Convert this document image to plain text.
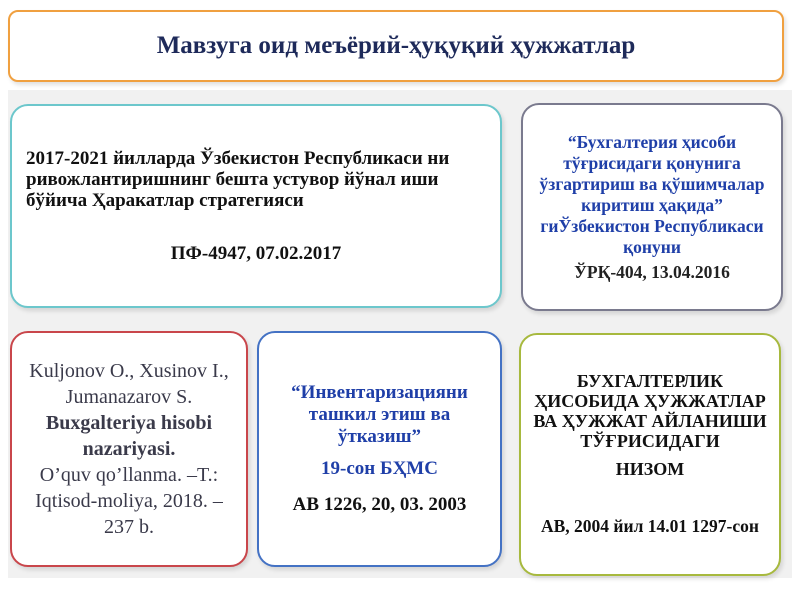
Мавзуга оид меъёрий-ҳуқуқий ҳужжатлар
2017-2021 йилларда Ўзбекистон Республикаси ни ривожлантиришнинг бешта устувор йўнал иши бўйича Ҳаракатлар стратегияси
ПФ-4947, 07.02.2017
“Бухгалтерия ҳисоби тўғрисидаги қонунига ўзгартириш ва қўшимчалар киритиш ҳақида” гиЎзбекистон Республикаси қонуни
ЎРҚ-404, 13.04.2016
Kuljonov O., Xusinov I., Jumanazarov S.
Buxgalteriya hisobi nazariyasi.
O’quv qo’llanma. –T.: Iqtisod-moliya, 2018. – 237 b.
“Инвентаризацияни ташкил этиш ва ўтказиш”
19-сон БҲМС
АВ 1226, 20, 03. 2003
БУХГАЛТЕРЛИК ҲИСОБИДА ҲУЖЖАТЛАР ВА ҲУЖЖАТ АЙЛАНИШИ ТЎҒРИСИДАГИ
НИЗОМ
АВ, 2004 йил 14.01 1297-сон
